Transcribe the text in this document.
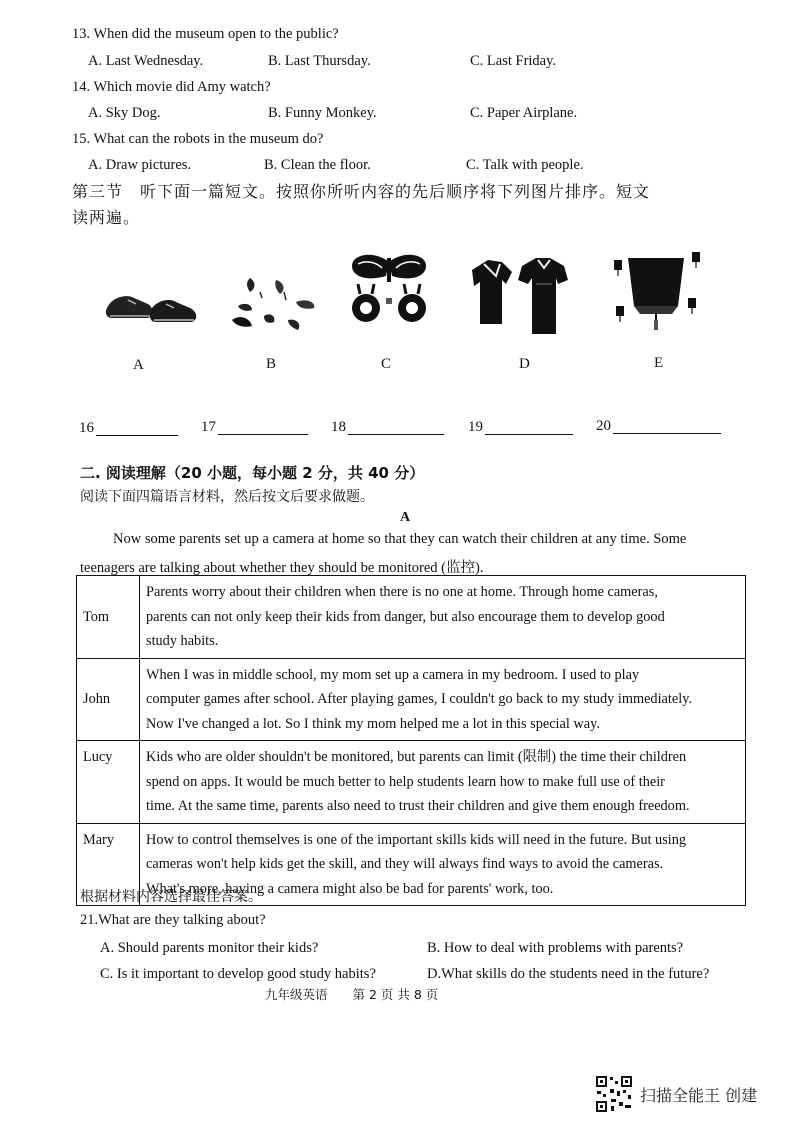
13. When did the museum open to the public?
A. Last Wednesday.	B. Last Thursday.	C. Last Friday.
14. Which movie did Amy watch?
A. Sky Dog.	B. Funny Monkey.	C. Paper Airplane.
15. What can the robots in the museum do?
A. Draw pictures.	B. Clean the floor.	C. Talk with people.
第三节　听下面一篇短文。按照你所听内容的先后顺序将下列图片排序。短文
读两遍。
A	B	C	D	E
16	17	18	19	20
二. 阅读理解（20 小题，每小题 2 分，共 40 分）
阅读下面四篇语言材料，然后按文后要求做题。
A
Now some parents set up a camera at home so that they can watch their children at any time. Some
teenagers are talking about whether they should be monitored (监控).
Tom	Parents worry about their children when there is no one at home. Through home cameras,
parents can not only keep their kids from danger, but also encourage them to develop good
study habits.

John	When I was in middle school, my mom set up a camera in my bedroom. I used to play
computer games after school. After playing games, I couldn't go back to my study immediately.
Now I've changed a lot. So I think my mom helped me a lot in this special way.

Lucy	Kids who are older shouldn't be monitored, but parents can limit (限制) the time their children
spend on apps. It would be much better to help students learn how to make full use of their
time. At the same time, parents also need to trust their children and give them enough freedom.

Mary	How to control themselves is one of the important skills kids will need in the future. But using
cameras won't help kids get the skill, and they will always find ways to avoid the cameras.
What's more, having a camera might also be bad for parents' work, too.
根据材料内容选择最佳答案。
21.What are they talking about?
A. Should parents monitor their kids?	B. How to deal with problems with parents?
C. Is it important to develop good study habits?	D.What skills do the students need in the future?
九年级英语　　第 2 页 共 8 页
扫描全能王 创建
